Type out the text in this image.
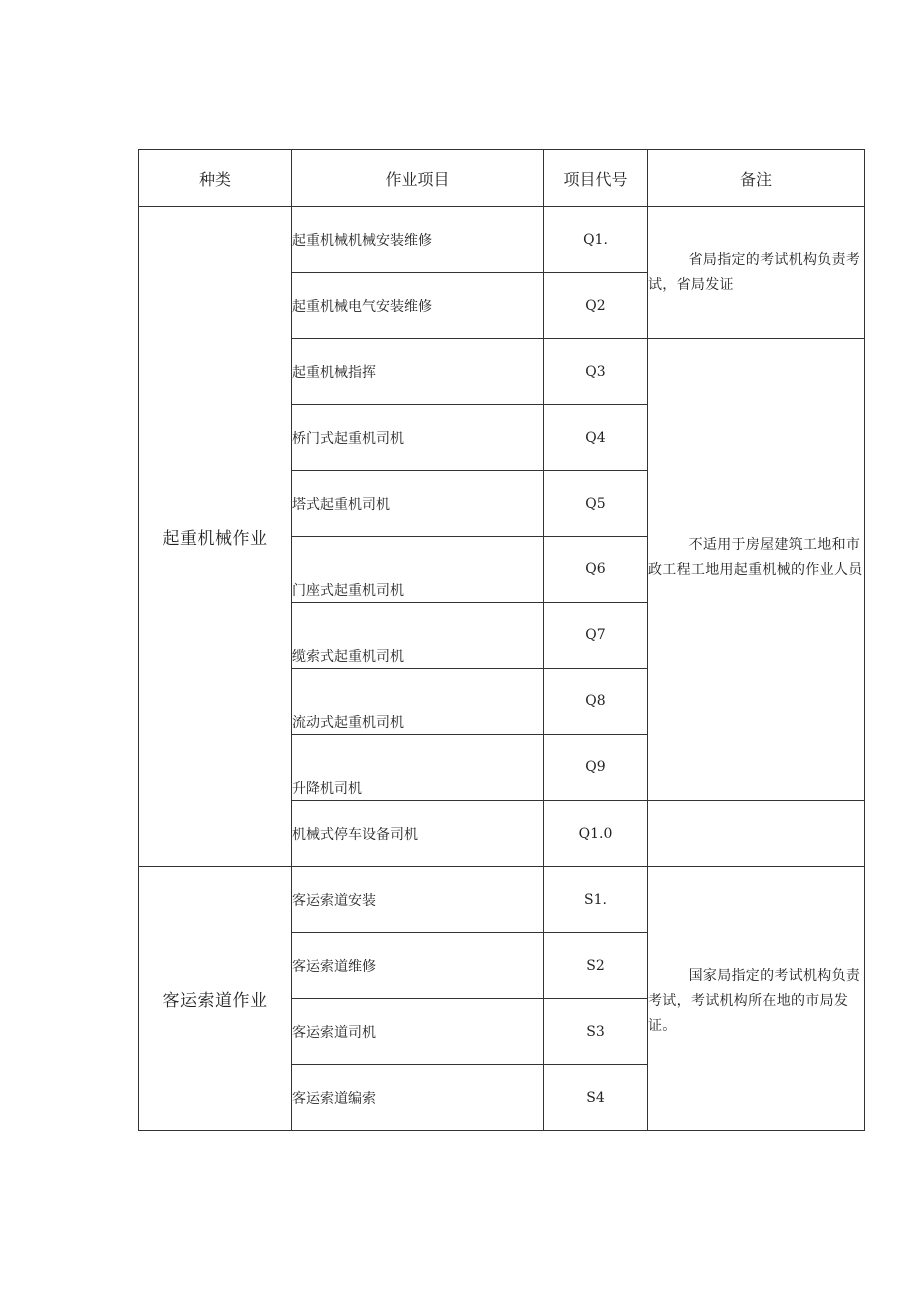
种类	作业项目	项目代号	备注
起重机械作业	起重机械机械安装维修	Q1.	省局指定的考试机构负责考试，省局发证
	起重机械电气安装维修	Q2	
	起重机械指挥	Q3	不适用于房屋建筑工地和市政工程工地用起重机械的作业人员
	桥门式起重机司机	Q4	
	塔式起重机司机	Q5	
	门座式起重机司机	Q6	
	缆索式起重机司机	Q7	
	流动式起重机司机	Q8	
	升降机司机	Q9	
	机械式停车设备司机	Q1.0	
客运索道作业	客运索道安装	S1.	国家局指定的考试机构负责考试，考试机构所在地的市局发证。
	客运索道维修	S2	
	客运索道司机	S3	
	客运索道编索	S4	
